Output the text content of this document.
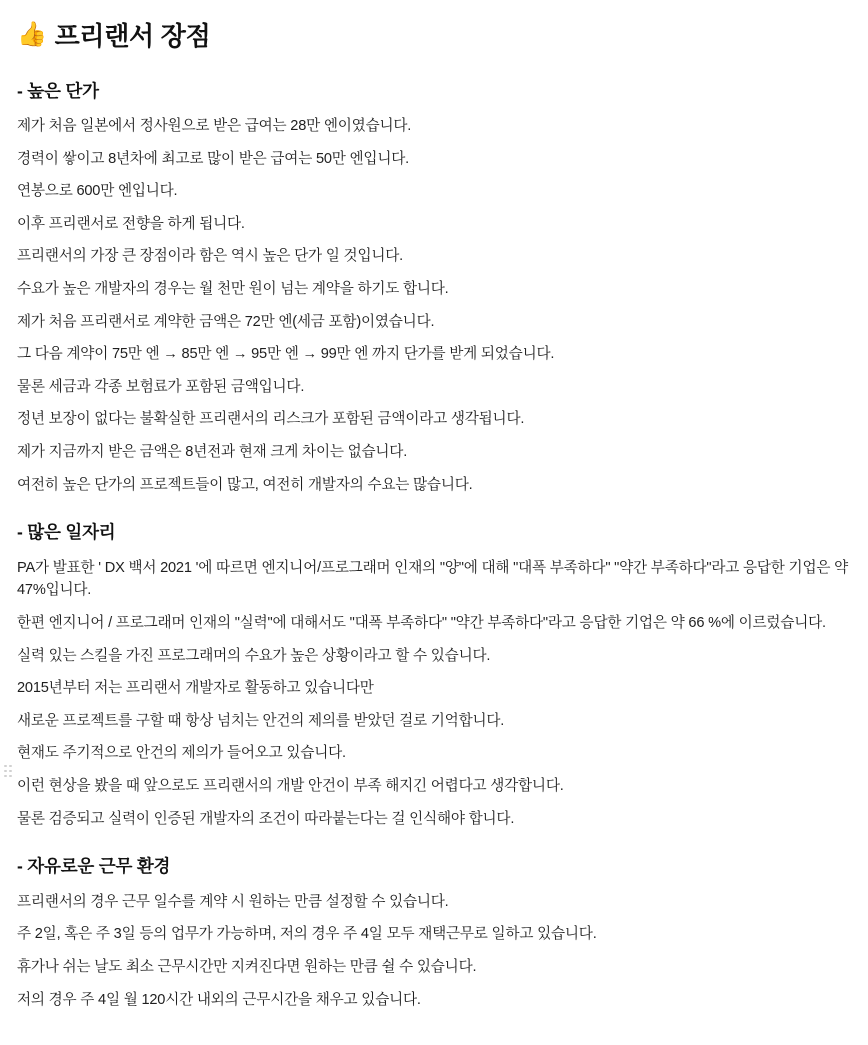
👍 프리랜서 장점
- 높은 단가

제가 처음 일본에서 정사원으로 받은 급여는 28만 엔이였습니다.

경력이 쌓이고 8년차에 최고로 많이 받은 급여는 50만 엔입니다.

연봉으로 600만 엔입니다.

이후 프리랜서로 전향을 하게 됩니다.

프리랜서의 가장 큰 장점이라 함은 역시 높은 단가 일 것입니다.

수요가 높은 개발자의 경우는 월 천만 원이 넘는 계약을 하기도 합니다.

제가 처음 프리랜서로 계약한 금액은 72만 엔(세금 포함)이였습니다.

그 다음 계약이 75만 엔 → 85만 엔 → 95만 엔 → 99만 엔 까지 단가를 받게 되었습니다.

물론 세금과 각종 보험료가 포함된 금액입니다.

정년 보장이 없다는 불확실한 프리랜서의 리스크가 포함된 금액이라고 생각됩니다.

제가 지금까지 받은 금액은 8년전과 현재 크게 차이는 없습니다.

여전히 높은 단가의 프로젝트들이 많고, 여전히 개발자의 수요는 많습니다.

- 많은 일자리

PA가 발표한 ' DX 백서 2021 '에 따르면 엔지니어/프로그래머 인재의 "양"에 대해 "대폭 부족하다" "약간 부족하다"라고 응답한 기업은 약 47%입니다.

한편 엔지니어 / 프로그래머 인재의 "실력"에 대해서도 "대폭 부족하다" "약간 부족하다"라고 응답한 기업은 약 66 %에 이르렀습니다.

실력 있는 스킬을 가진 프로그래머의 수요가 높은 상황이라고 할 수 있습니다.

2015년부터 저는 프리랜서 개발자로 활동하고 있습니다만

새로운 프로젝트를 구할 때 항상 넘치는 안건의 제의를 받았던 걸로 기억합니다.

현재도 주기적으로 안건의 제의가 들어오고 있습니다.

이런 현상을 봤을 때 앞으로도 프리랜서의 개발 안건이 부족 해지긴 어렵다고 생각합니다.

물론 검증되고 실력이 인증된 개발자의 조건이 따라붙는다는 걸 인식해야 합니다.

- 자유로운 근무 환경

프리랜서의 경우 근무 일수를 계약 시 원하는 만큼 설정할 수 있습니다.

주 2일, 혹은 주 3일 등의 업무가 가능하며, 저의 경우 주 4일 모두 재택근무로 일하고 있습니다.

휴가나 쉬는 날도 최소 근무시간만 지켜진다면 원하는 만큼 쉴 수 있습니다.

저의 경우 주 4일 월 120시간 내외의 근무시간을 채우고 있습니다.
